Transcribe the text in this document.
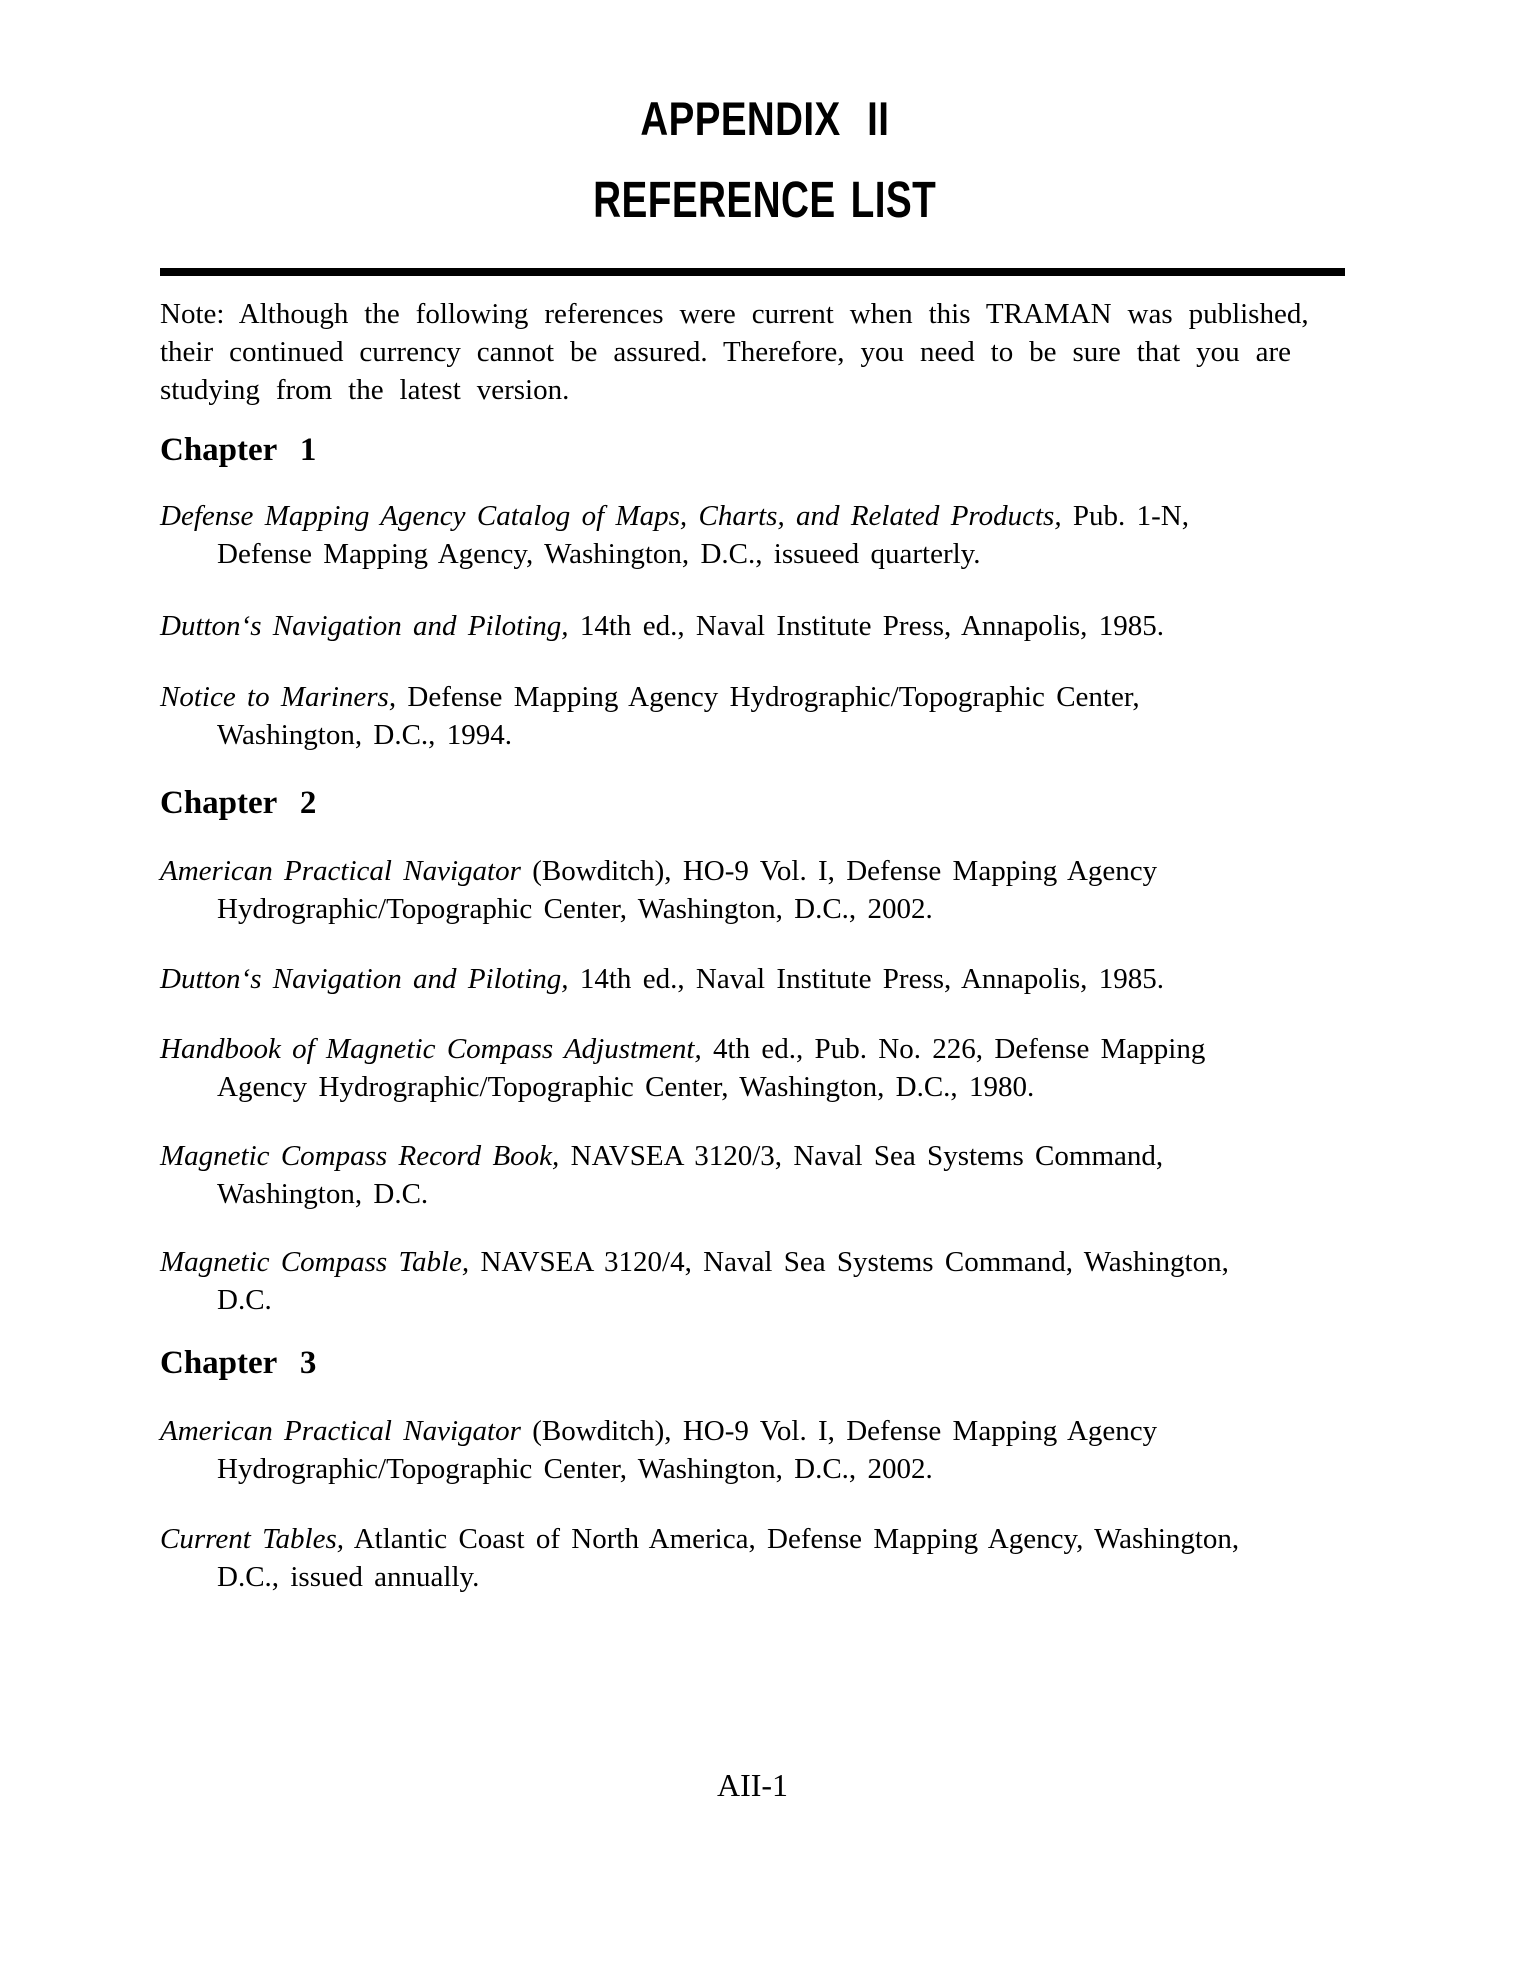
APPENDIX II
REFERENCE LIST
Note: Although the following references were current when this TRAMAN was published,
their continued currency cannot be assured. Therefore, you need to be sure that you are
studying from the latest version.
Chapter 1
Defense Mapping Agency Catalog of Maps, Charts, and Related Products, Pub. 1-N,
Defense Mapping Agency, Washington, D.C., issueed quarterly.
Dutton‘s Navigation and Piloting, 14th ed., Naval Institute Press, Annapolis, 1985.
Notice to Mariners, Defense Mapping Agency Hydrographic/Topographic Center,
Washington, D.C., 1994.
Chapter 2
American Practical Navigator (Bowditch), HO-9 Vol. I, Defense Mapping Agency
Hydrographic/Topographic Center, Washington, D.C., 2002.
Dutton‘s Navigation and Piloting, 14th ed., Naval Institute Press, Annapolis, 1985.
Handbook of Magnetic Compass Adjustment, 4th ed., Pub. No. 226, Defense Mapping
Agency Hydrographic/Topographic Center, Washington, D.C., 1980.
Magnetic Compass Record Book, NAVSEA 3120/3, Naval Sea Systems Command,
Washington, D.C.
Magnetic Compass Table, NAVSEA 3120/4, Naval Sea Systems Command, Washington,
D.C.
Chapter 3
American Practical Navigator (Bowditch), HO-9 Vol. I, Defense Mapping Agency
Hydrographic/Topographic Center, Washington, D.C., 2002.
Current Tables, Atlantic Coast of North America, Defense Mapping Agency, Washington,
D.C., issued annually.
AII-1
